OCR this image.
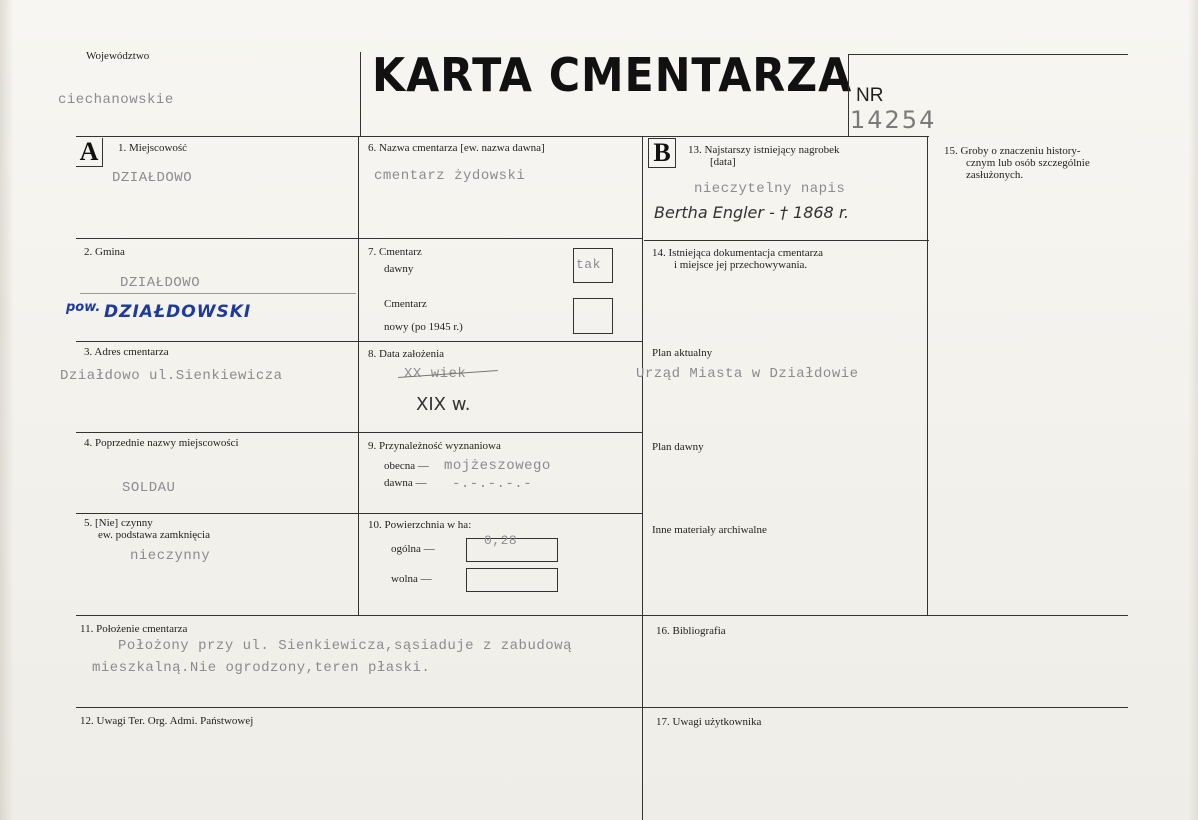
Województwo
ciechanowskie	KARTA CMENTARZA NR
14254
A	B
1. Miejscowość
DZIAŁDOWO
2. Gmina
DZIAŁDOWO
pow. DZIAŁDOWSKI
3. Adres cmentarza
Działdowo ul.Sienkiewicza
4. Poprzednie nazwy miejscowości
SOLDAU
5. [Nie] czynny
ew. podstawa zamknięcia
nieczynny
6. Nazwa cmentarza [ew. nazwa dawna]
cmentarz żydowski
7. Cmentarz
dawny	tak
Cmentarz
nowy (po 1945 r.)
8. Data założenia
XX wiek
XIX w.
9. Przynależność wyznaniowa
obecna — mojżeszowego
dawna — -.-.-.-.-
10. Powierzchnia w ha:
ogólna —
0,28
wolna —
11. Położenie cmentarza
Położony przy ul. Sienkiewicza,sąsiaduje z zabudową
mieszkalną.Nie ogrodzony,teren płaski.
12. Uwagi Ter. Org. Admi. Państwowej
13. Najstarszy istniejący nagrobek
[data]
nieczytelny napis
Bertha Engler - † 1868 r.
14. Istniejąca dokumentacja cmentarza
i miejsce jej przechowywania.
Plan aktualny
Urząd Miasta w Działdowie
Plan dawny
Inne materiały archiwalne
15. Groby o znaczeniu history-
cznym lub osób szczególnie
zasłużonych.
16. Bibliografia
17. Uwagi użytkownika
